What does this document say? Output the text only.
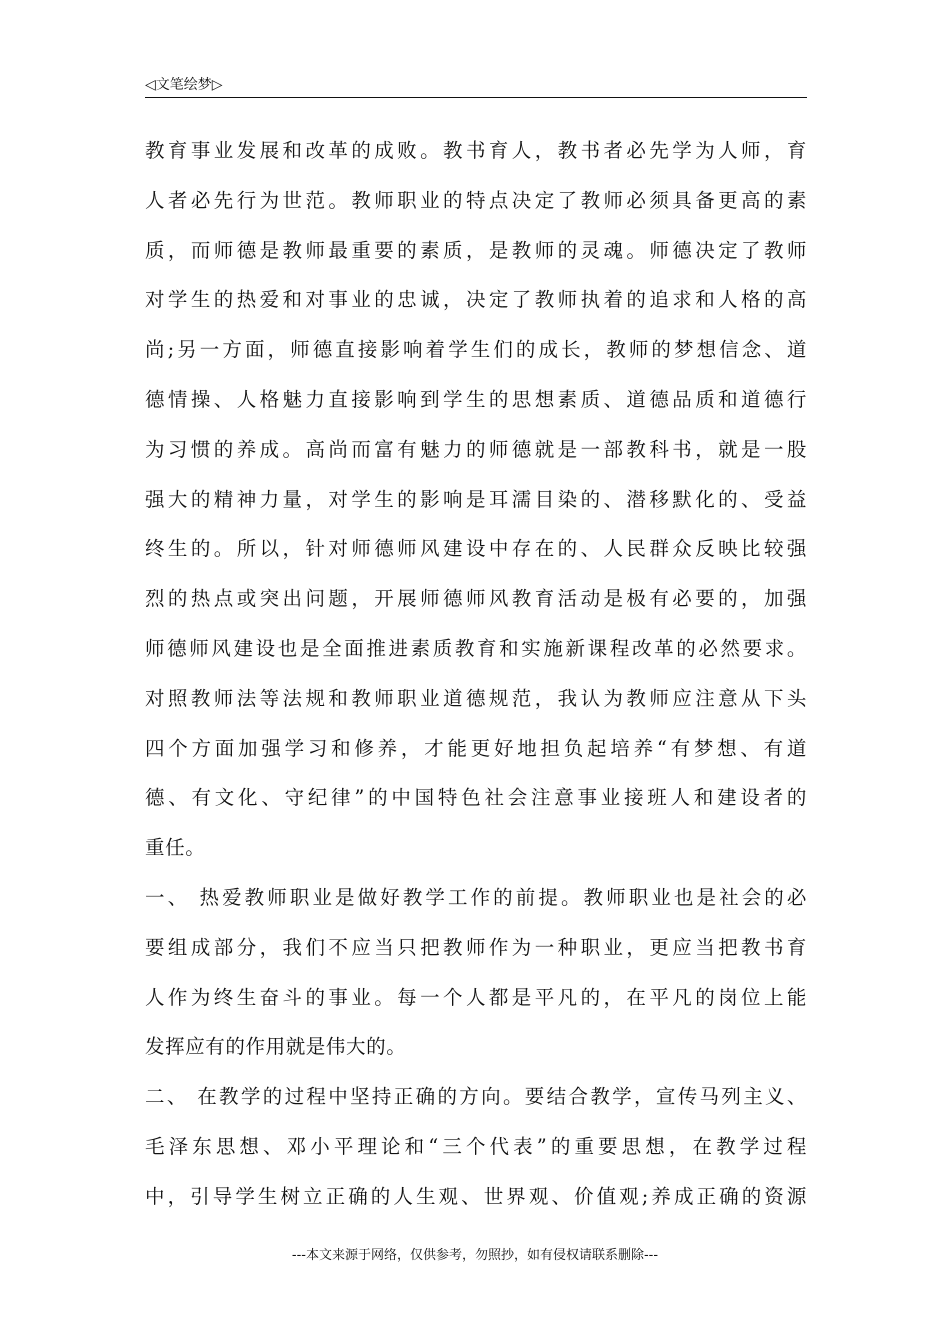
◁文笔绘梦▷
教育事业发展和改革的成败。教书育人，教书者必先学为人师，育
人者必先行为世范。教师职业的特点决定了教师必须具备更高的素
质，而师德是教师最重要的素质，是教师的灵魂。师德决定了教师
对学生的热爱和对事业的忠诚，决定了教师执着的追求和人格的高
尚;另一方面，师德直接影响着学生们的成长，教师的梦想信念、道
德情操、人格魅力直接影响到学生的思想素质、道德品质和道德行
为习惯的养成。高尚而富有魅力的师德就是一部教科书，就是一股
强大的精神力量，对学生的影响是耳濡目染的、潜移默化的、受益
终生的。所以，针对师德师风建设中存在的、人民群众反映比较强
烈的热点或突出问题，开展师德师风教育活动是极有必要的，加强
师德师风建设也是全面推进素质教育和实施新课程改革的必然要求。
对照教师法等法规和教师职业道德规范，我认为教师应注意从下头
四个方面加强学习和修养，才能更好地担负起培养“有梦想、有道
德、有文化、守纪律”的中国特色社会注意事业接班人和建设者的
重任。
一、 热爱教师职业是做好教学工作的前提。教师职业也是社会的必
要组成部分，我们不应当只把教师作为一种职业，更应当把教书育
人作为终生奋斗的事业。每一个人都是平凡的，在平凡的岗位上能
发挥应有的作用就是伟大的。
二、 在教学的过程中坚持正确的方向。要结合教学，宣传马列主义、
毛泽东思想、邓小平理论和“三个代表”的重要思想，在教学过程
中，引导学生树立正确的人生观、世界观、价值观;养成正确的资源
---本文来源于网络，仅供参考，勿照抄，如有侵权请联系删除---
